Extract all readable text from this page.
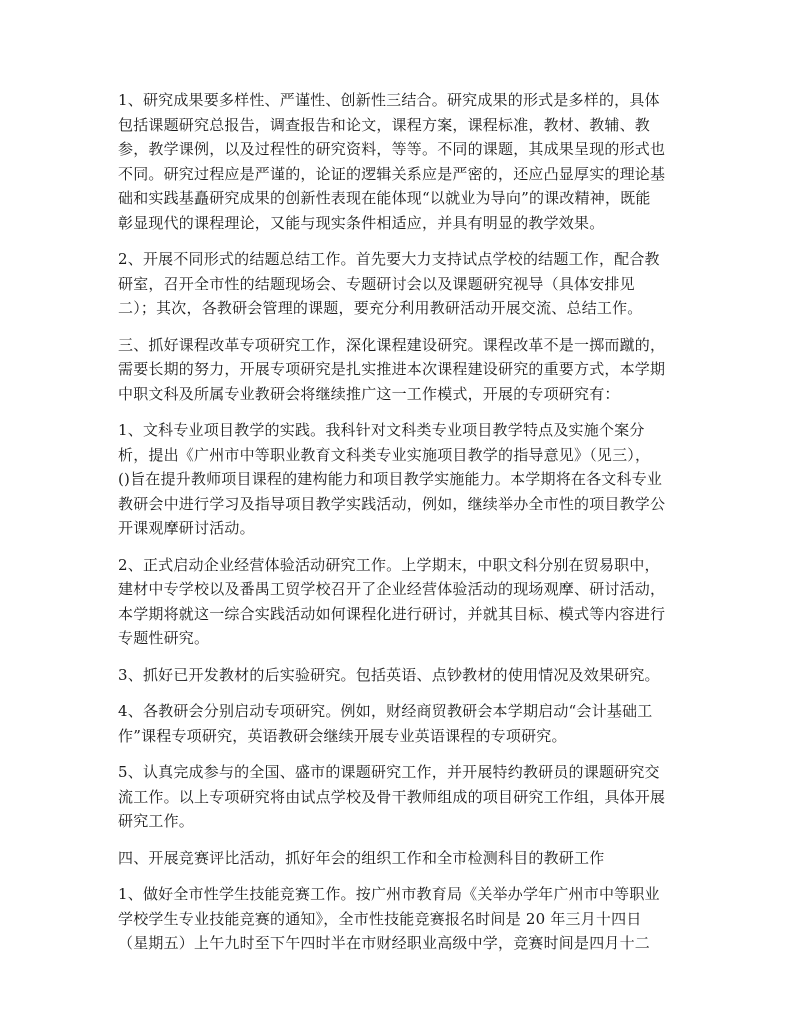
1、研究成果要多样性、严谨性、创新性三结合。研究成果的形式是多样的，具体
包括课题研究总报告，调查报告和论文，课程方案，课程标准，教材、教辅、教
参，教学课例，以及过程性的研究资料，等等。不同的课题，其成果呈现的形式也
不同。研究过程应是严谨的，论证的逻辑关系应是严密的，还应凸显厚实的理论基
础和实践基矗研究成果的创新性表现在能体现“以就业为导向”的课改精神，既能
彰显现代的课程理论，又能与现实条件相适应，并具有明显的教学效果。
2、开展不同形式的结题总结工作。首先要大力支持试点学校的结题工作，配合教
研室，召开全市性的结题现场会、专题研讨会以及课题研究视导（具体安排见
二）；其次，各教研会管理的课题，要充分利用教研活动开展交流、总结工作。
三、抓好课程改革专项研究工作，深化课程建设研究。课程改革不是一掷而蹴的，
需要长期的努力，开展专项研究是扎实推进本次课程建设研究的重要方式，本学期
中职文科及所属专业教研会将继续推广这一工作模式，开展的专项研究有：
1、文科专业项目教学的实践。我科针对文科类专业项目教学特点及实施个案分
析，提出《广州市中等职业教育文科类专业实施项目教学的指导意见》（见三），
()旨在提升教师项目课程的建构能力和项目教学实施能力。本学期将在各文科专业
教研会中进行学习及指导项目教学实践活动，例如，继续举办全市性的项目教学公
开课观摩研讨活动。
2、正式启动企业经营体验活动研究工作。上学期末，中职文科分别在贸易职中，
建材中专学校以及番禺工贸学校召开了企业经营体验活动的现场观摩、研讨活动，
本学期将就这一综合实践活动如何课程化进行研讨，并就其目标、模式等内容进行
专题性研究。
3、抓好已开发教材的后实验研究。包括英语、点钞教材的使用情况及效果研究。
4、各教研会分别启动专项研究。例如，财经商贸教研会本学期启动“会计基础工
作”课程专项研究，英语教研会继续开展专业英语课程的专项研究。
5、认真完成参与的全国、盛市的课题研究工作，并开展特约教研员的课题研究交
流工作。以上专项研究将由试点学校及骨干教师组成的项目研究工作组，具体开展
研究工作。
四、开展竞赛评比活动，抓好年会的组织工作和全市检测科目的教研工作
1、做好全市性学生技能竞赛工作。按广州市教育局《关举办学年广州市中等职业
学校学生专业技能竞赛的通知》，全市性技能竞赛报名时间是 20 年三月十四日
（星期五）上午九时至下午四时半在市财经职业高级中学，竞赛时间是四月十二
